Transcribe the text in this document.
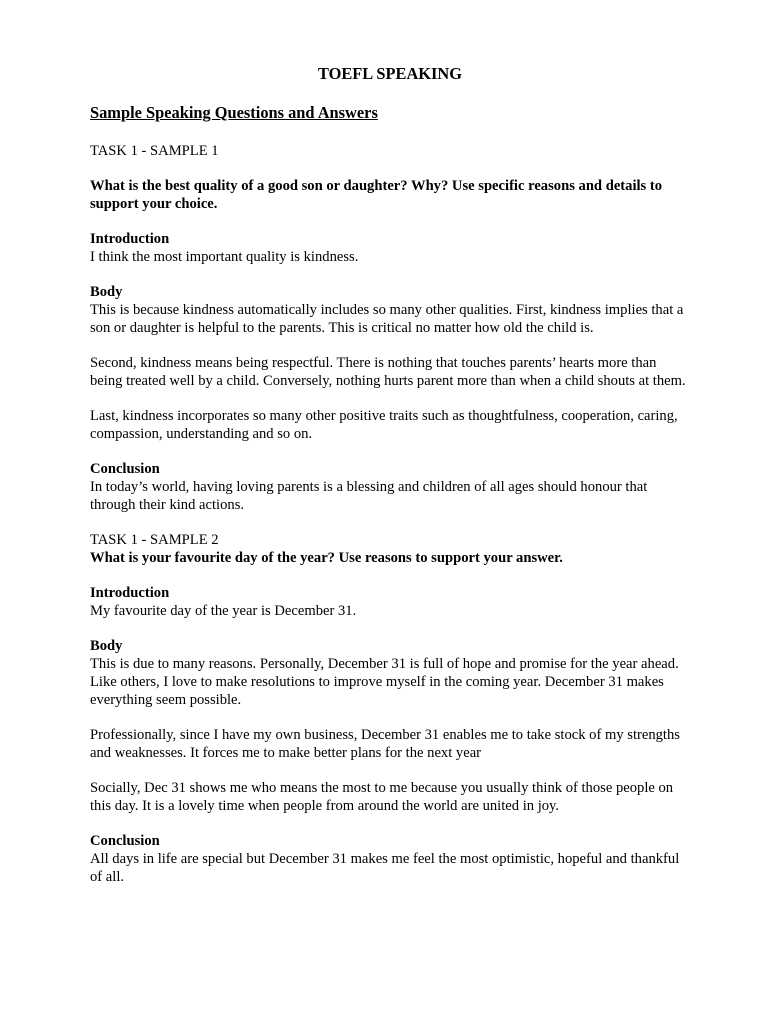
TOEFL SPEAKING
Sample Speaking Questions and Answers
TASK 1 - SAMPLE 1

What is the best quality of a good son or daughter? Why? Use specific reasons and details to support your choice.

Introduction

I think the most important quality is kindness.

Body

This is because kindness automatically includes so many other qualities. First, kindness implies that a son or daughter is helpful to the parents. This is critical no matter how old the child is.

Second, kindness means being respectful. There is nothing that touches parents’ hearts more than being treated well by a child. Conversely, nothing hurts parent more than when a child shouts at them.

Last, kindness incorporates so many other positive traits such as thoughtfulness, cooperation, caring, compassion, understanding and so on.

Conclusion

In today’s world, having loving parents is a blessing and children of all ages should honour that through their kind actions.

TASK 1 - SAMPLE 2

What is your favourite day of the year? Use reasons to support your answer.

Introduction

My favourite day of the year is December 31.

Body

This is due to many reasons. Personally, December 31 is full of hope and promise for the year ahead. Like others, I love to make resolutions to improve myself in the coming year. December 31 makes everything seem possible.

Professionally, since I have my own business, December 31 enables me to take stock of my strengths and weaknesses. It forces me to make better plans for the next year

Socially, Dec 31 shows me who means the most to me because you usually think of those people on this day. It is a lovely time when people from around the world are united in joy.

Conclusion

All days in life are special but December 31 makes me feel the most optimistic, hopeful and thankful of all.
